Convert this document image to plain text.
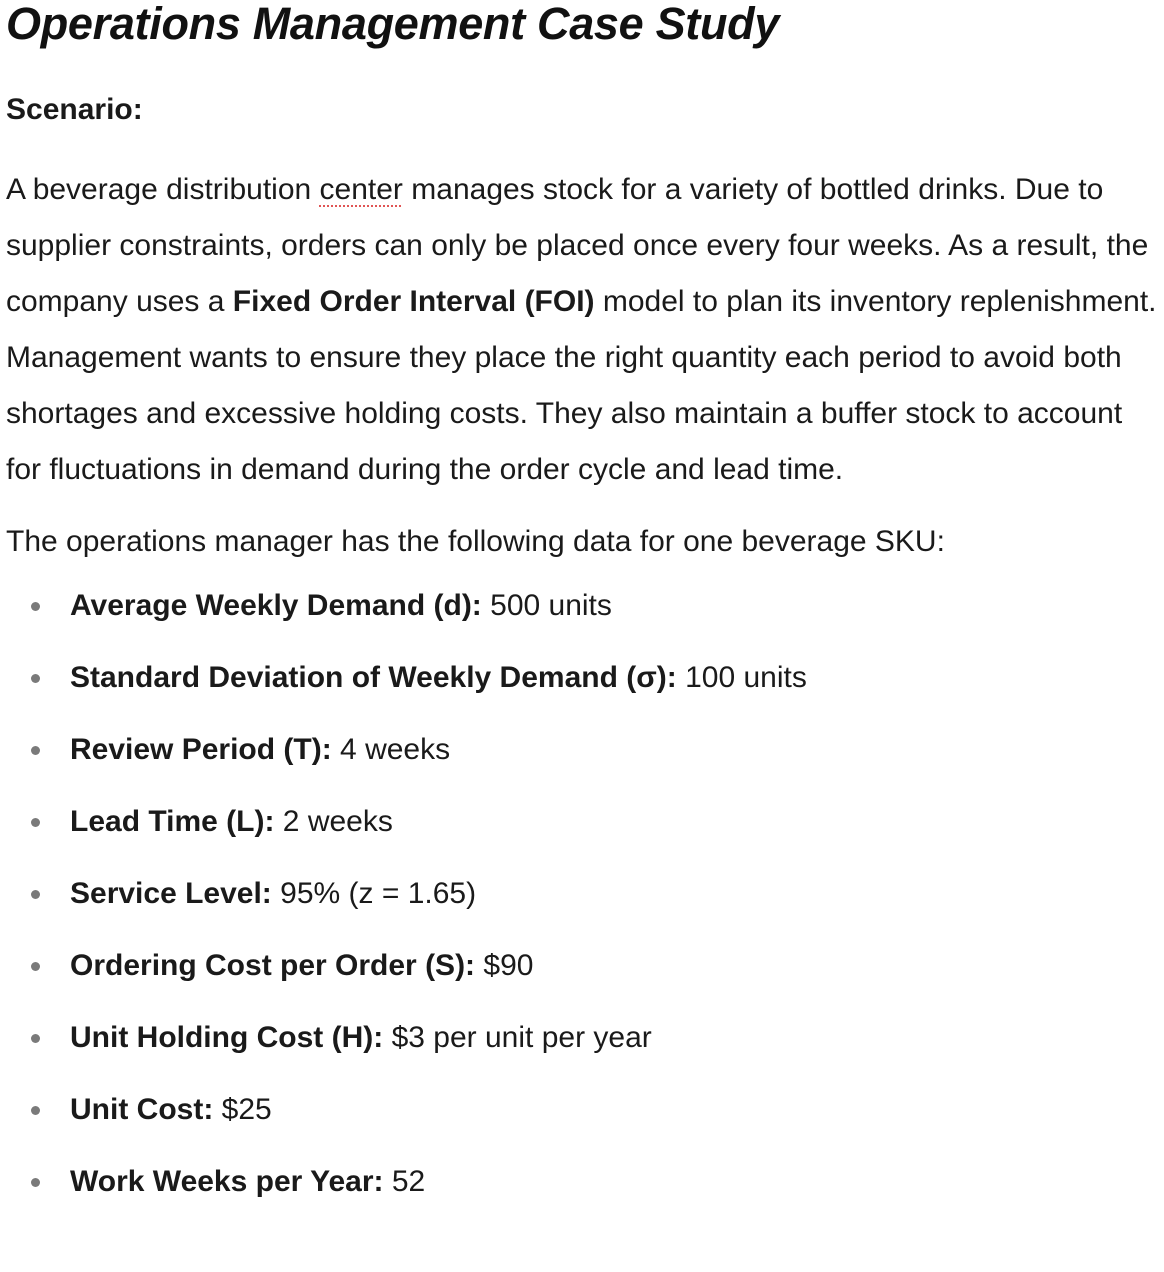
Operations Management Case Study

Scenario:

A beverage distribution center manages stock for a variety of bottled drinks. Due to supplier constraints, orders can only be placed once every four weeks. As a result, the company uses a Fixed Order Interval (FOI) model to plan its inventory replenishment. Management wants to ensure they place the right quantity each period to avoid both shortages and excessive holding costs. They also maintain a buffer stock to account for fluctuations in demand during the order cycle and lead time.

The operations manager has the following data for one beverage SKU:

Average Weekly Demand (d): 500 units
Standard Deviation of Weekly Demand (σ): 100 units
Review Period (T): 4 weeks
Lead Time (L): 2 weeks
Service Level: 95% (z = 1.65)
Ordering Cost per Order (S): $90
Unit Holding Cost (H): $3 per unit per year
Unit Cost: $25
Work Weeks per Year: 52
